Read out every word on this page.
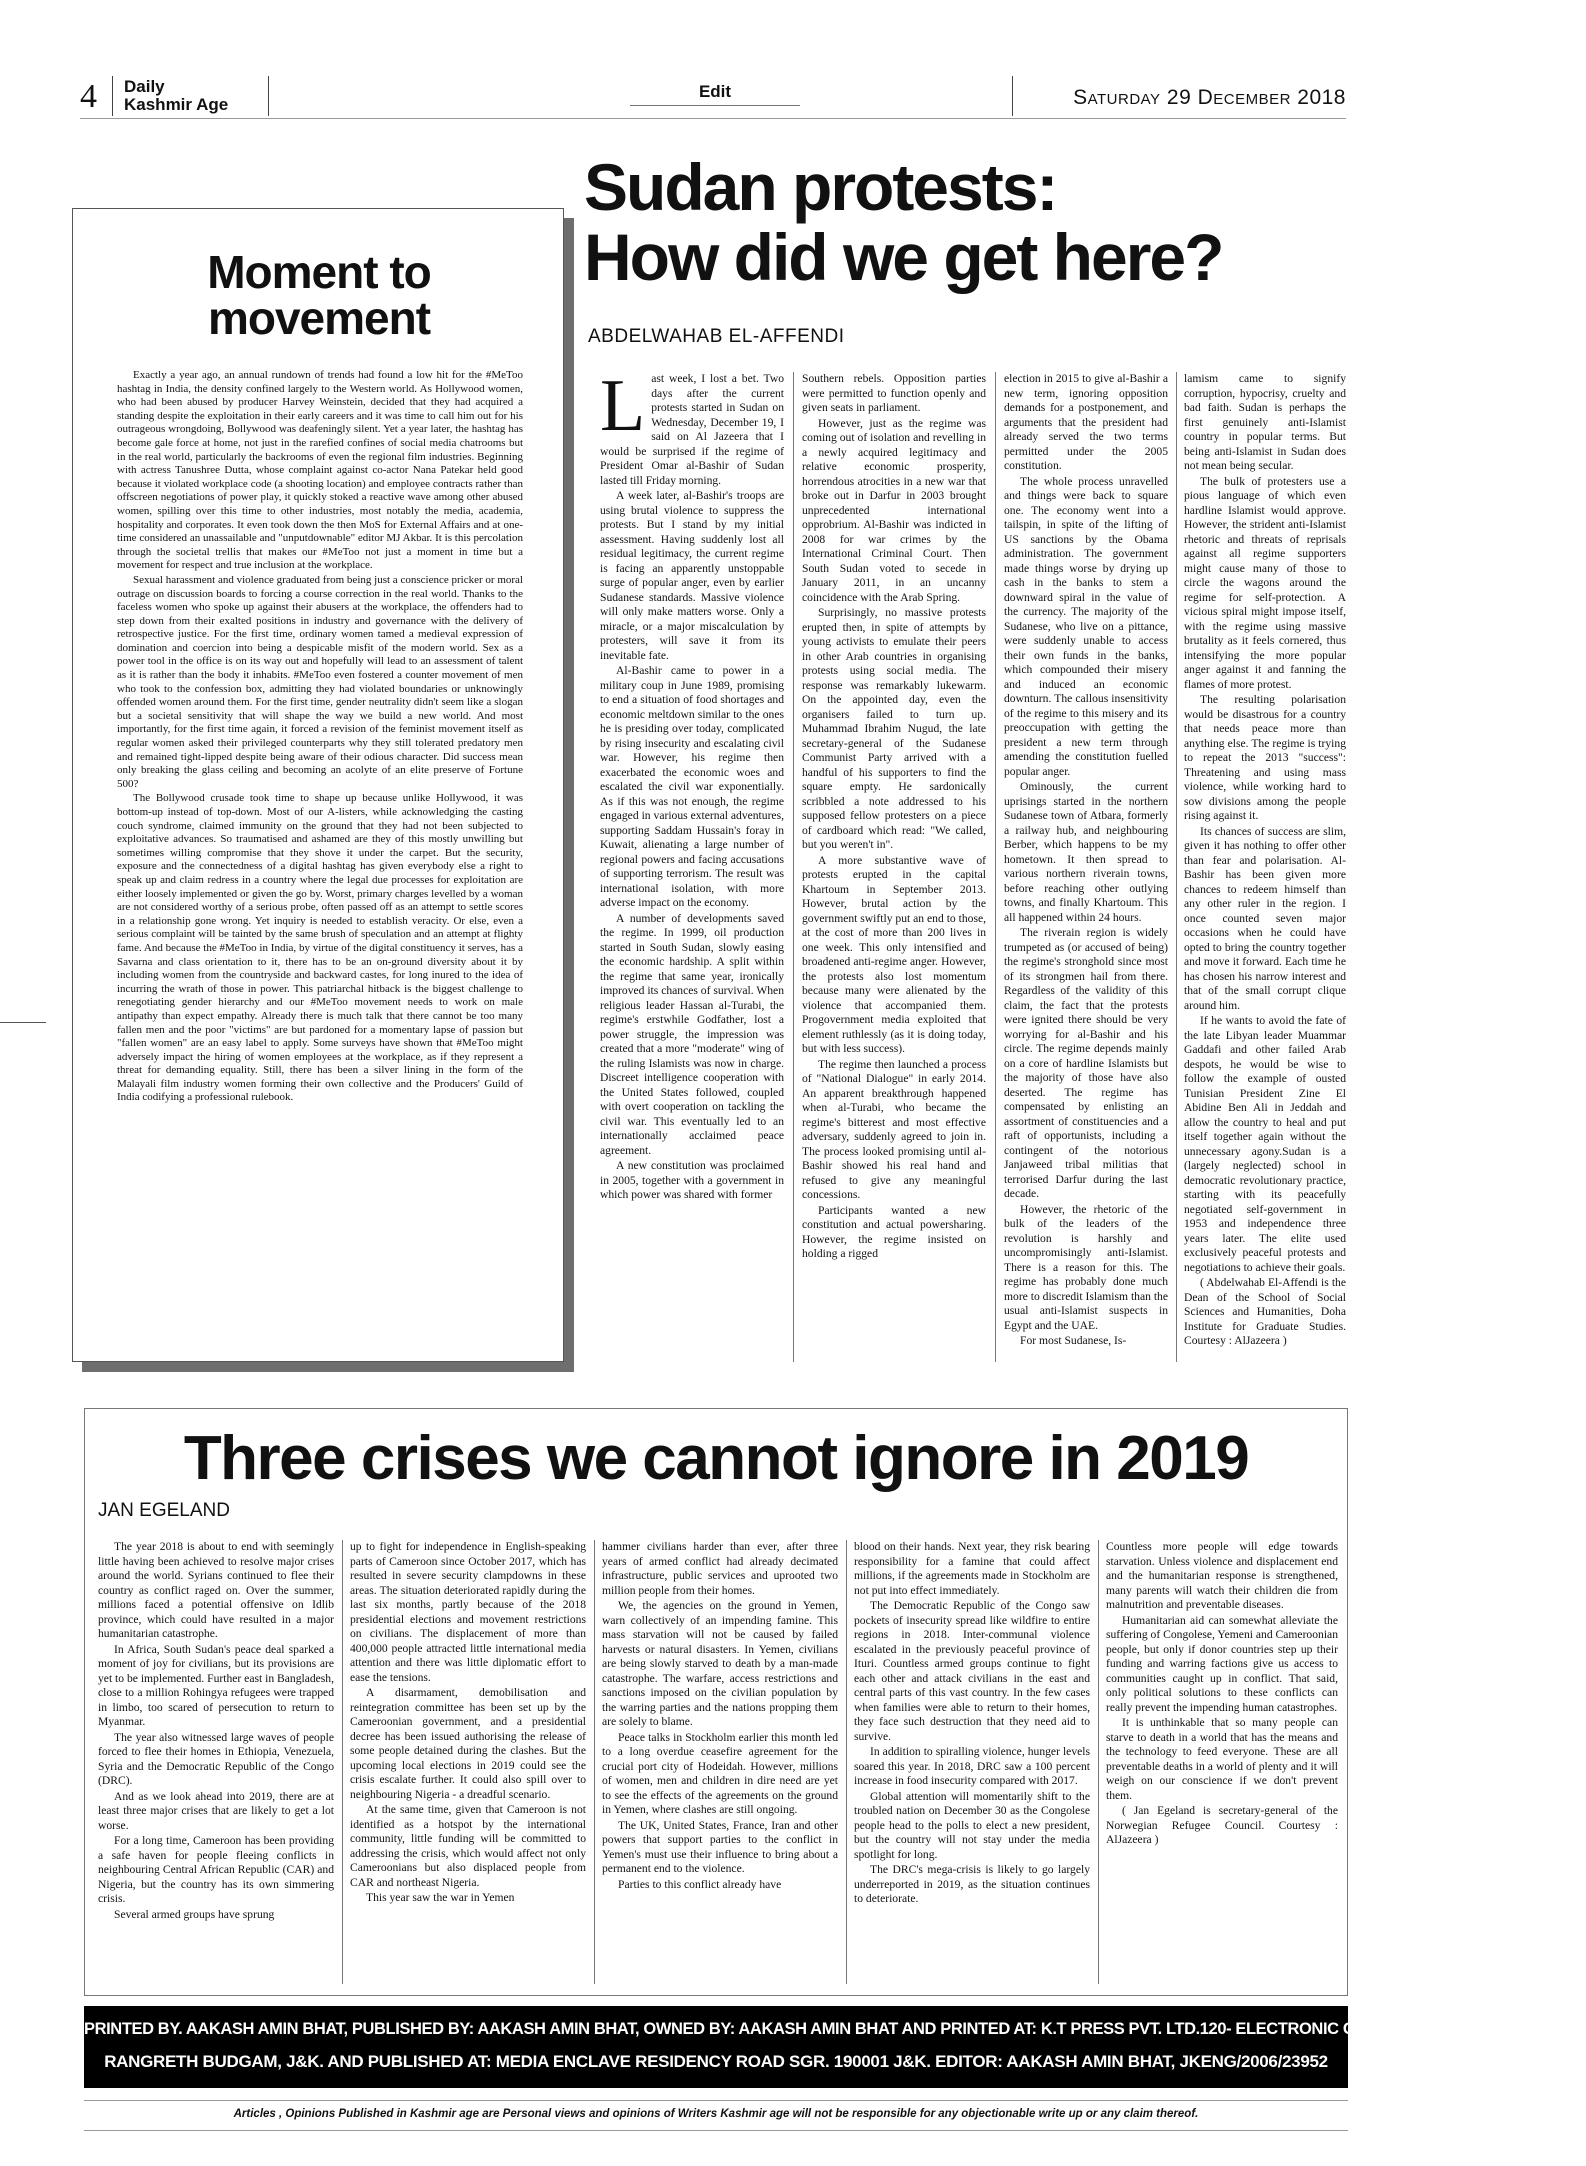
4 Daily
Kashmir Age
Edit	Saturday 29 December 2018
Moment to
movement

Exactly a year ago, an annual rundown of trends had found a low hit for the #MeToo hashtag in India, the density confined largely to the Western world. As Hollywood women, who had been abused by producer Harvey Weinstein, decided that they had acquired a standing despite the exploitation in their early careers and it was time to call him out for his outrageous wrongdoing, Bollywood was deafeningly silent. Yet a year later, the hashtag has become gale force at home, not just in the rarefied confines of social media chatrooms but in the real world, particularly the backrooms of even the regional film industries. Beginning with actress Tanushree Dutta, whose complaint against co-actor Nana Patekar held good because it violated workplace code (a shooting location) and employee contracts rather than offscreen negotiations of power play, it quickly stoked a reactive wave among other abused women, spilling over this time to other industries, most notably the media, academia, hospitality and corporates. It even took down the then MoS for External Affairs and at one-time considered an unassailable and "unputdownable" editor MJ Akbar. It is this percolation through the societal trellis that makes our #MeToo not just a moment in time but a movement for respect and true inclusion at the workplace.

Sexual harassment and violence graduated from being just a conscience pricker or moral outrage on discussion boards to forcing a course correction in the real world. Thanks to the faceless women who spoke up against their abusers at the workplace, the offenders had to step down from their exalted positions in industry and governance with the delivery of retrospective justice. For the first time, ordinary women tamed a medieval expression of domination and coercion into being a despicable misfit of the modern world. Sex as a power tool in the office is on its way out and hopefully will lead to an assessment of talent as it is rather than the body it inhabits. #MeToo even fostered a counter movement of men who took to the confession box, admitting they had violated boundaries or unknowingly offended women around them. For the first time, gender neutrality didn't seem like a slogan but a societal sensitivity that will shape the way we build a new world. And most importantly, for the first time again, it forced a revision of the feminist movement itself as regular women asked their privileged counterparts why they still tolerated predatory men and remained tight-lipped despite being aware of their odious character. Did success mean only breaking the glass ceiling and becoming an acolyte of an elite preserve of Fortune 500?

The Bollywood crusade took time to shape up because unlike Hollywood, it was bottom-up instead of top-down. Most of our A-listers, while acknowledging the casting couch syndrome, claimed immunity on the ground that they had not been subjected to exploitative advances. So traumatised and ashamed are they of this mostly unwilling but sometimes willing compromise that they shove it under the carpet. But the security, exposure and the connectedness of a digital hashtag has given everybody else a right to speak up and claim redress in a country where the legal due processes for exploitation are either loosely implemented or given the go by. Worst, primary charges levelled by a woman are not considered worthy of a serious probe, often passed off as an attempt to settle scores in a relationship gone wrong. Yet inquiry is needed to establish veracity. Or else, even a serious complaint will be tainted by the same brush of speculation and an attempt at flighty fame. And because the #MeToo in India, by virtue of the digital constituency it serves, has a Savarna and class orientation to it, there has to be an on-ground diversity about it by including women from the countryside and backward castes, for long inured to the idea of incurring the wrath of those in power. This patriarchal hitback is the biggest challenge to renegotiating gender hierarchy and our #MeToo movement needs to work on male antipathy than expect empathy. Already there is much talk that there cannot be too many fallen men and the poor "victims" are but pardoned for a momentary lapse of passion but "fallen women" are an easy label to apply. Some surveys have shown that #MeToo might adversely impact the hiring of women employees at the workplace, as if they represent a threat for demanding equality. Still, there has been a silver lining in the form of the Malayali film industry women forming their own collective and the Producers' Guild of India codifying a professional rulebook.

Sudan protests:
How did we get here?
ABDELWAHAB EL-AFFENDI
L ast week, I lost a bet. Two days after the current protests started in Sudan on Wednesday, December 19, I said on Al Jazeera that I would be surprised if the regime of President Omar al-Bashir of Sudan lasted till Friday morning.

A week later, al-Bashir's troops are using brutal violence to suppress the protests. But I stand by my initial assessment. Having suddenly lost all residual legitimacy, the current regime is facing an apparently unstoppable surge of popular anger, even by earlier Sudanese standards. Massive violence will only make matters worse. Only a miracle, or a major miscalculation by protesters, will save it from its inevitable fate.

Al-Bashir came to power in a military coup in June 1989, promising to end a situation of food shortages and economic meltdown similar to the ones he is presiding over today, complicated by rising insecurity and escalating civil war. However, his regime then exacerbated the economic woes and escalated the civil war exponentially. As if this was not enough, the regime engaged in various external adventures, supporting Saddam Hussain's foray in Kuwait, alienating a large number of regional powers and facing accusations of supporting terrorism. The result was international isolation, with more adverse impact on the economy.

A number of developments saved the regime. In 1999, oil production started in South Sudan, slowly easing the economic hardship. A split within the regime that same year, ironically improved its chances of survival. When religious leader Hassan al-Turabi, the regime's erstwhile Godfather, lost a power struggle, the impression was created that a more "moderate" wing of the ruling Islamists was now in charge. Discreet intelligence cooperation with the United States followed, coupled with overt cooperation on tackling the civil war. This eventually led to an internationally acclaimed peace agreement.

A new constitution was proclaimed in 2005, together with a government in which power was shared with former

Southern rebels. Opposition parties were permitted to function openly and given seats in parliament.

However, just as the regime was coming out of isolation and revelling in a newly acquired legitimacy and relative economic prosperity, horrendous atrocities in a new war that broke out in Darfur in 2003 brought unprecedented international opprobrium. Al-Bashir was indicted in 2008 for war crimes by the International Criminal Court. Then South Sudan voted to secede in January 2011, in an uncanny coincidence with the Arab Spring.

Surprisingly, no massive protests erupted then, in spite of attempts by young activists to emulate their peers in other Arab countries in organising protests using social media. The response was remarkably lukewarm. On the appointed day, even the organisers failed to turn up. Muhammad Ibrahim Nugud, the late secretary-general of the Sudanese Communist Party arrived with a handful of his supporters to find the square empty. He sardonically scribbled a note addressed to his supposed fellow protesters on a piece of cardboard which read: "We called, but you weren't in".

A more substantive wave of protests erupted in the capital Khartoum in September 2013. However, brutal action by the government swiftly put an end to those, at the cost of more than 200 lives in one week. This only intensified and broadened anti-regime anger. However, the protests also lost momentum because many were alienated by the violence that accompanied them. Progovernment media exploited that element ruthlessly (as it is doing today, but with less success).

The regime then launched a process of "National Dialogue" in early 2014. An apparent breakthrough happened when al-Turabi, who became the regime's bitterest and most effective adversary, suddenly agreed to join in. The process looked promising until al-Bashir showed his real hand and refused to give any meaningful concessions.

Participants wanted a new constitution and actual powersharing. However, the regime insisted on holding a rigged

election in 2015 to give al-Bashir a new term, ignoring opposition demands for a postponement, and arguments that the president had already served the two terms permitted under the 2005 constitution.

The whole process unravelled and things were back to square one. The economy went into a tailspin, in spite of the lifting of US sanctions by the Obama administration. The government made things worse by drying up cash in the banks to stem a downward spiral in the value of the currency. The majority of the Sudanese, who live on a pittance, were suddenly unable to access their own funds in the banks, which compounded their misery and induced an economic downturn. The callous insensitivity of the regime to this misery and its preoccupation with getting the president a new term through amending the constitution fuelled popular anger.

Ominously, the current uprisings started in the northern Sudanese town of Atbara, formerly a railway hub, and neighbouring Berber, which happens to be my hometown. It then spread to various northern riverain towns, before reaching other outlying towns, and finally Khartoum. This all happened within 24 hours.

The riverain region is widely trumpeted as (or accused of being) the regime's stronghold since most of its strongmen hail from there. Regardless of the validity of this claim, the fact that the protests were ignited there should be very worrying for al-Bashir and his circle. The regime depends mainly on a core of hardline Islamists but the majority of those have also deserted. The regime has compensated by enlisting an assortment of constituencies and a raft of opportunists, including a contingent of the notorious Janjaweed tribal militias that terrorised Darfur during the last decade.

However, the rhetoric of the bulk of the leaders of the revolution is harshly and uncompromisingly anti-Islamist. There is a reason for this. The regime has probably done much more to discredit Islamism than the usual anti-Islamist suspects in Egypt and the UAE.

For most Sudanese, Is-

lamism came to signify corruption, hypocrisy, cruelty and bad faith. Sudan is perhaps the first genuinely anti-Islamist country in popular terms. But being anti-Islamist in Sudan does not mean being secular.

The bulk of protesters use a pious language of which even hardline Islamist would approve. However, the strident anti-Islamist rhetoric and threats of reprisals against all regime supporters might cause many of those to circle the wagons around the regime for self-protection. A vicious spiral might impose itself, with the regime using massive brutality as it feels cornered, thus intensifying the more popular anger against it and fanning the flames of more protest.

The resulting polarisation would be disastrous for a country that needs peace more than anything else. The regime is trying to repeat the 2013 "success": Threatening and using mass violence, while working hard to sow divisions among the people rising against it.

Its chances of success are slim, given it has nothing to offer other than fear and polarisation. Al-Bashir has been given more chances to redeem himself than any other ruler in the region. I once counted seven major occasions when he could have opted to bring the country together and move it forward. Each time he has chosen his narrow interest and that of the small corrupt clique around him.

If he wants to avoid the fate of the late Libyan leader Muammar Gaddafi and other failed Arab despots, he would be wise to follow the example of ousted Tunisian President Zine El Abidine Ben Ali in Jeddah and allow the country to heal and put itself together again without the unnecessary agony.Sudan is a (largely neglected) school in democratic revolutionary practice, starting with its peacefully negotiated self-government in 1953 and independence three years later. The elite used exclusively peaceful protests and negotiations to achieve their goals.

( Abdelwahab El-Affendi is the Dean of the School of Social Sciences and Humanities, Doha Institute for Graduate Studies. Courtesy : AlJazeera )

Three crises we cannot ignore in 2019
JAN EGELAND

The year 2018 is about to end with seemingly little having been achieved to resolve major crises around the world. Syrians continued to flee their country as conflict raged on. Over the summer, millions faced a potential offensive on Idlib province, which could have resulted in a major humanitarian catastrophe.

In Africa, South Sudan's peace deal sparked a moment of joy for civilians, but its provisions are yet to be implemented. Further east in Bangladesh, close to a million Rohingya refugees were trapped in limbo, too scared of persecution to return to Myanmar.

The year also witnessed large waves of people forced to flee their homes in Ethiopia, Venezuela, Syria and the Democratic Republic of the Congo (DRC).

And as we look ahead into 2019, there are at least three major crises that are likely to get a lot worse.

For a long time, Cameroon has been providing a safe haven for people fleeing conflicts in neighbouring Central African Republic (CAR) and Nigeria, but the country has its own simmering crisis.

Several armed groups have sprung

up to fight for independence in English-speaking parts of Cameroon since October 2017, which has resulted in severe security clampdowns in these areas. The situation deteriorated rapidly during the last six months, partly because of the 2018 presidential elections and movement restrictions on civilians. The displacement of more than 400,000 people attracted little international media attention and there was little diplomatic effort to ease the tensions.

A disarmament, demobilisation and reintegration committee has been set up by the Cameroonian government, and a presidential decree has been issued authorising the release of some people detained during the clashes. But the upcoming local elections in 2019 could see the crisis escalate further. It could also spill over to neighbouring Nigeria - a dreadful scenario.

At the same time, given that Cameroon is not identified as a hotspot by the international community, little funding will be committed to addressing the crisis, which would affect not only Cameroonians but also displaced people from CAR and northeast Nigeria.

This year saw the war in Yemen

hammer civilians harder than ever, after three years of armed conflict had already decimated infrastructure, public services and uprooted two million people from their homes.

We, the agencies on the ground in Yemen, warn collectively of an impending famine. This mass starvation will not be caused by failed harvests or natural disasters. In Yemen, civilians are being slowly starved to death by a man-made catastrophe. The warfare, access restrictions and sanctions imposed on the civilian population by the warring parties and the nations propping them are solely to blame.

Peace talks in Stockholm earlier this month led to a long overdue ceasefire agreement for the crucial port city of Hodeidah. However, millions of women, men and children in dire need are yet to see the effects of the agreements on the ground in Yemen, where clashes are still ongoing.

The UK, United States, France, Iran and other powers that support parties to the conflict in Yemen's must use their influence to bring about a permanent end to the violence.

Parties to this conflict already have

blood on their hands. Next year, they risk bearing responsibility for a famine that could affect millions, if the agreements made in Stockholm are not put into effect immediately.

The Democratic Republic of the Congo saw pockets of insecurity spread like wildfire to entire regions in 2018. Inter-communal violence escalated in the previously peaceful province of Ituri. Countless armed groups continue to fight each other and attack civilians in the east and central parts of this vast country. In the few cases when families were able to return to their homes, they face such destruction that they need aid to survive.

In addition to spiralling violence, hunger levels soared this year. In 2018, DRC saw a 100 percent increase in food insecurity compared with 2017.

Global attention will momentarily shift to the troubled nation on December 30 as the Congolese people head to the polls to elect a new president, but the country will not stay under the media spotlight for long.

The DRC's mega-crisis is likely to go largely underreported in 2019, as the situation continues to deteriorate.

Countless more people will edge towards starvation. Unless violence and displacement end and the humanitarian response is strengthened, many parents will watch their children die from malnutrition and preventable diseases.

Humanitarian aid can somewhat alleviate the suffering of Congolese, Yemeni and Cameroonian people, but only if donor countries step up their funding and warring factions give us access to communities caught up in conflict. That said, only political solutions to these conflicts can really prevent the impending human catastrophes.

It is unthinkable that so many people can starve to death in a world that has the means and the technology to feed everyone. These are all preventable deaths in a world of plenty and it will weigh on our conscience if we don't prevent them.

( Jan Egeland is secretary-general of the Norwegian Refugee Council. Courtesy : AlJazeera )

PRINTED BY. AAKASH AMIN BHAT, PUBLISHED BY: AAKASH AMIN BHAT, OWNED BY: AAKASH AMIN BHAT AND PRINTED AT: K.T PRESS PVT. LTD.120- ELECTRONIC COMPLEX INDUSTRIAL ESTATE
RANGRETH BUDGAM, J&K. AND PUBLISHED AT: MEDIA ENCLAVE RESIDENCY ROAD SGR. 190001 J&K. EDITOR: AAKASH AMIN BHAT, JKENG/2006/23952
Articles , Opinions Published in Kashmir age are Personal views and opinions of Writers Kashmir age will not be responsible for any objectionable write up or any claim thereof.
